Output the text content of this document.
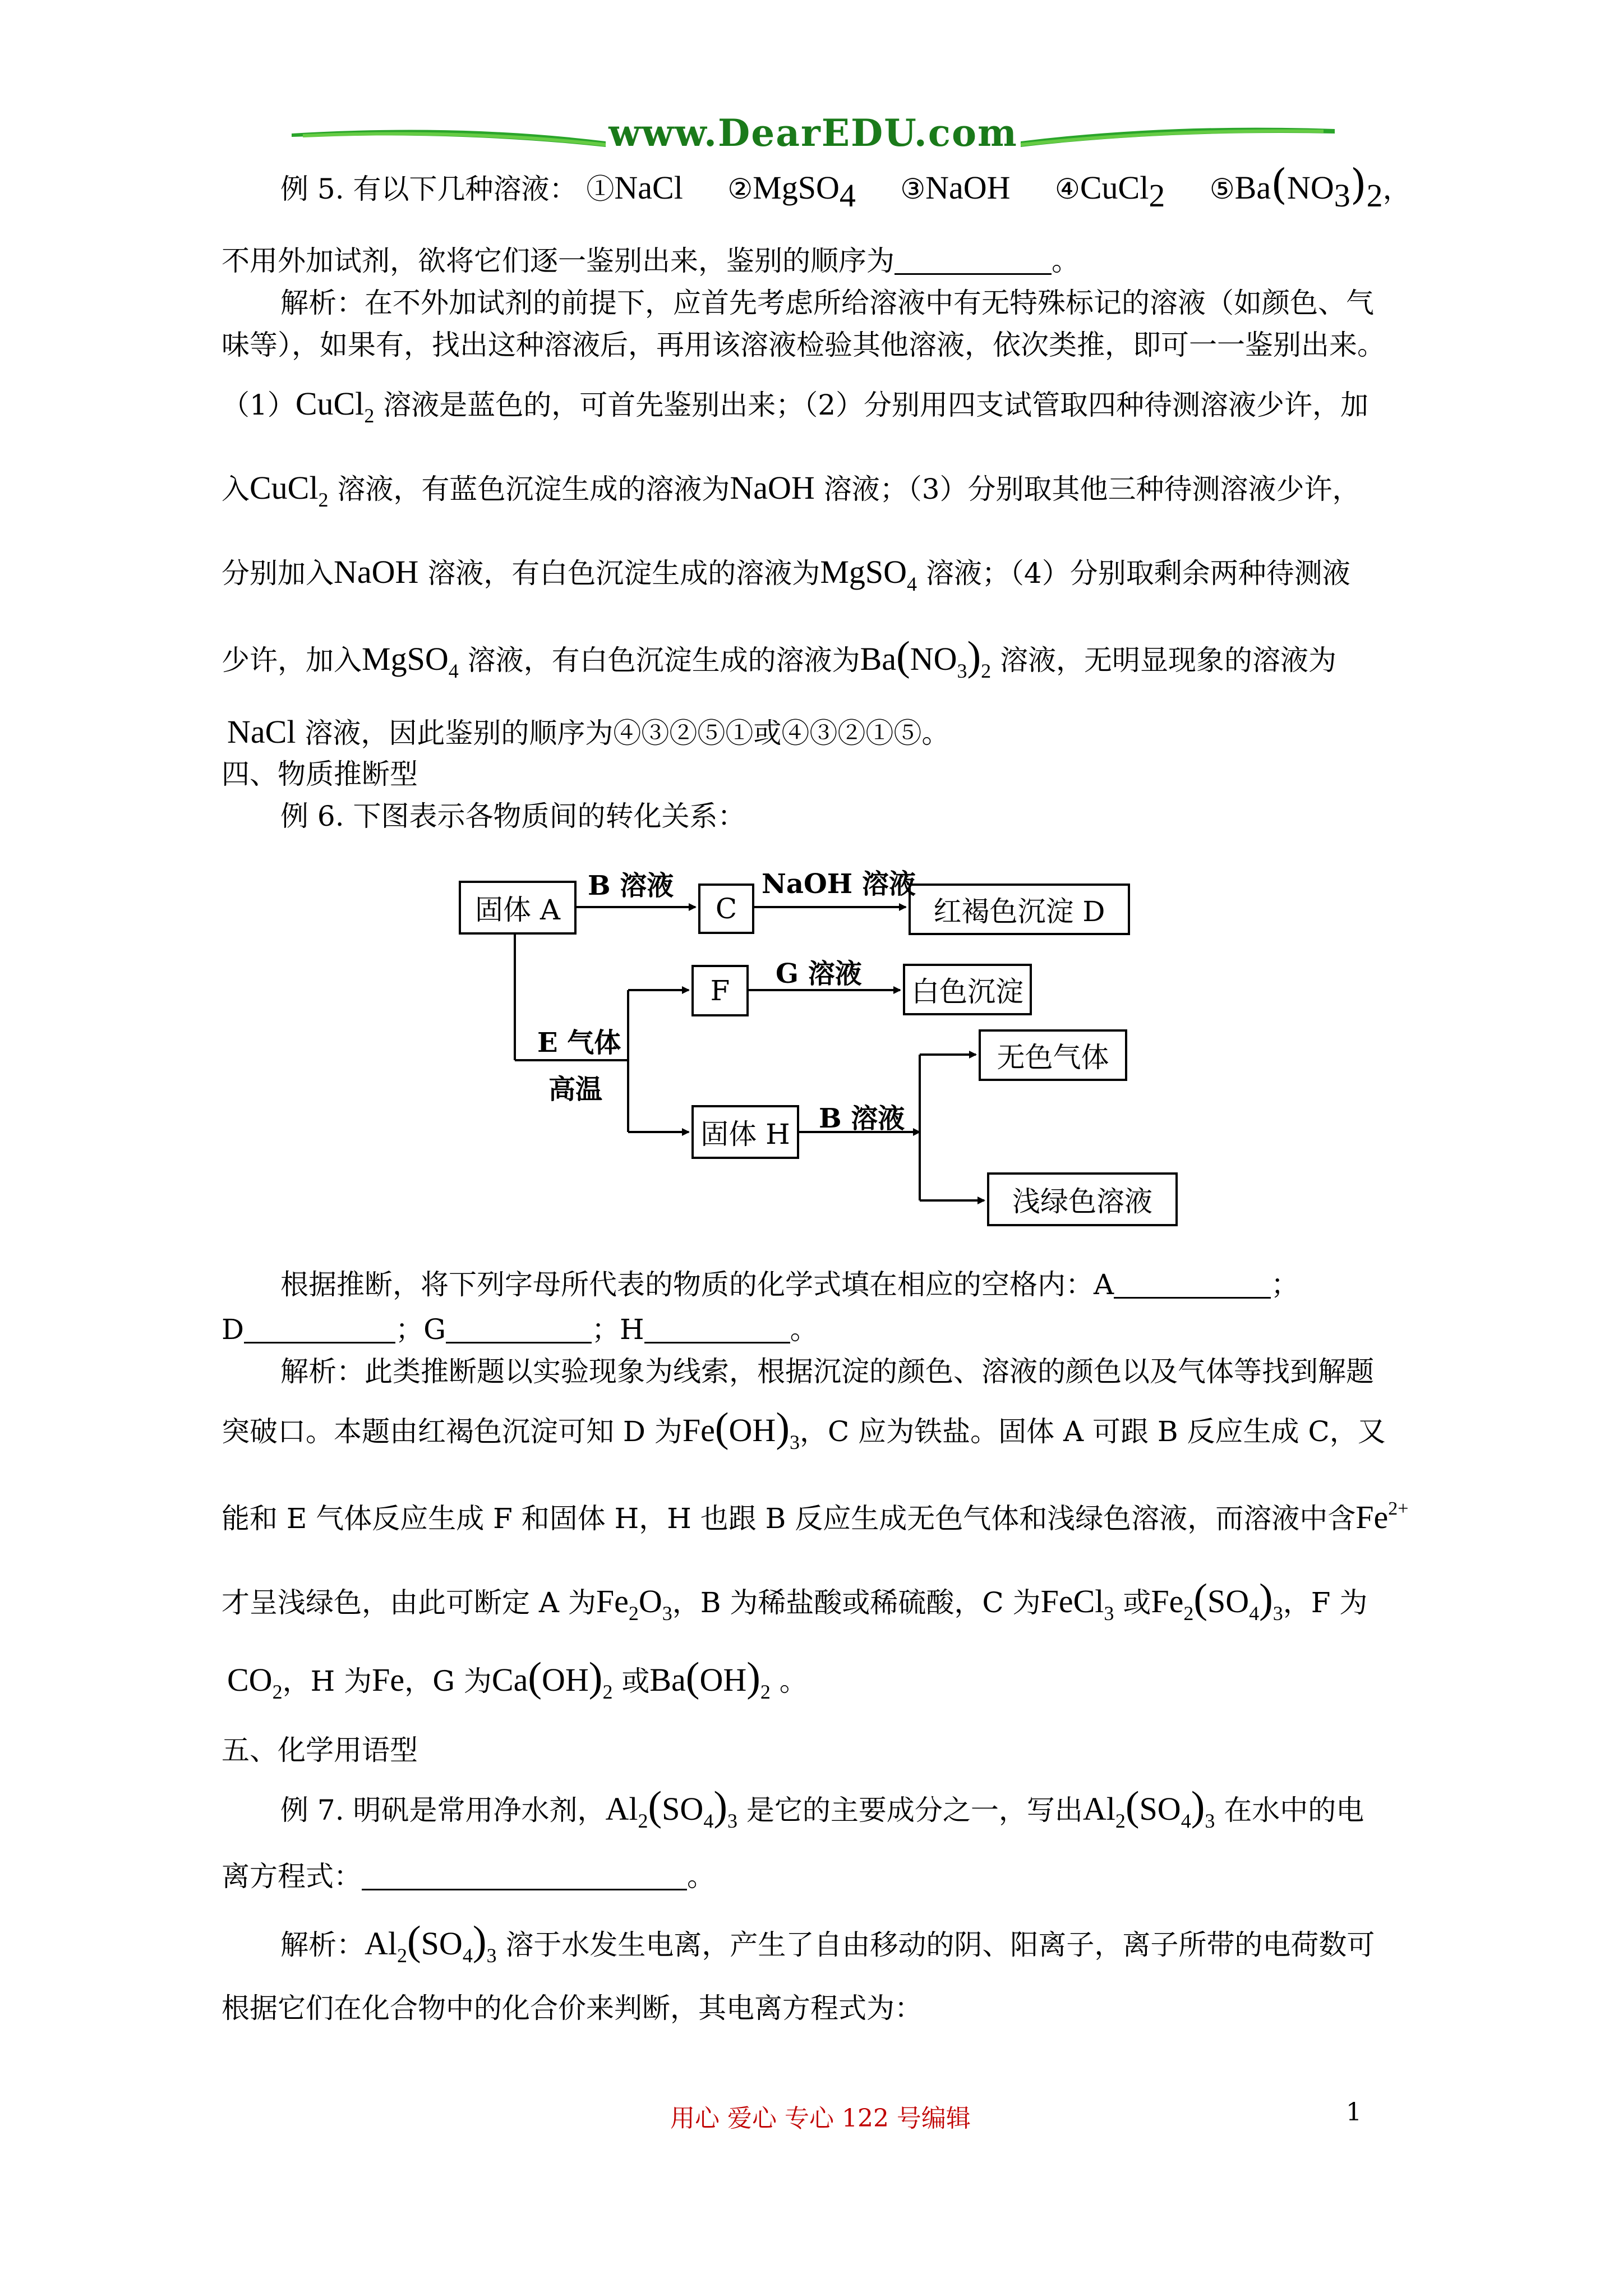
www.DearEDU.com
例 5. 有以下几种溶液： ①NaCl ②MgSO$_4$ ③NaOH ④CuCl$_2$ $⑤Ba(NO_3)_2$，
不用外加试剂，欲将它们逐一鉴别出来，鉴别的顺序为	。
解析：在不外加试剂的前提下，应首先考虑所给溶液中有无特殊标记的溶液（如颜色、气
味等），如果有，找出这种溶液后，再用该溶液检验其他溶液，依次类推，即可一一鉴别出来。
（1）CuCl$_2$ 溶液是蓝色的，可首先鉴别出来；（2）分别用四支试管取四种待测溶液少许，加
入CuCl$_2$ 溶液，有蓝色沉淀生成的溶液为NaOH 溶液；（3）分别取其他三种待测溶液少许，
分别加入NaOH 溶液，有白色沉淀生成的溶液为MgSO$_4$ 溶液；（4）分别取剩余两种待测液
少许，加入MgSO$_4$ 溶液，有白色沉淀生成的溶液为$Ba(NO_3)_2$ 溶液，无明显现象的溶液为
NaCl 溶液，因此鉴别的顺序为④③②⑤①或④③②①⑤。
四、物质推断型
例 6. 下图表示各物质间的转化关系：
固体 A	C	红褐色沉淀 D
F	白色沉淀
无色气体
固体 H
浅绿色溶液
B 溶液	NaOH 溶液
G 溶液
E 气体
高温
B 溶液
根据推断，将下列字母所代表的物质的化学式填在相应的空格内：A	；
D	；G	；H	。
解析：此类推断题以实验现象为线索，根据沉淀的颜色、溶液的颜色以及气体等找到解题
突破口。本题由红褐色沉淀可知 D 为$Fe(OH)_3$，C 应为铁盐。固体 A 可跟 B 反应生成 C，又
能和 E 气体反应生成 F 和固体 H，H 也跟 B 反应生成无色气体和浅绿色溶液，而溶液中含$Fe^{2+}$
才呈浅绿色，由此可断定 A 为$Fe_2O_3$，B 为稀盐酸或稀硫酸，C 为FeCl$_3$ 或$Fe_2(SO_4)_3$，F 为
$CO_2$，H 为Fe，G 为$Ca(OH)_2$ 或$Ba(OH)_2$ 。
五、化学用语型
例 7. 明矾是常用净水剂，$Al_2(SO_4)_3$ 是它的主要成分之一，写出$Al_2(SO_4)_3$ 在水中的电
离方程式：	。
解析：$Al_2(SO_4)_3$ 溶于水发生电离，产生了自由移动的阴、阳离子，离子所带的电荷数可
根据它们在化合物中的化合价来判断，其电离方程式为：
用心 爱心 专心 122 号编辑	1
